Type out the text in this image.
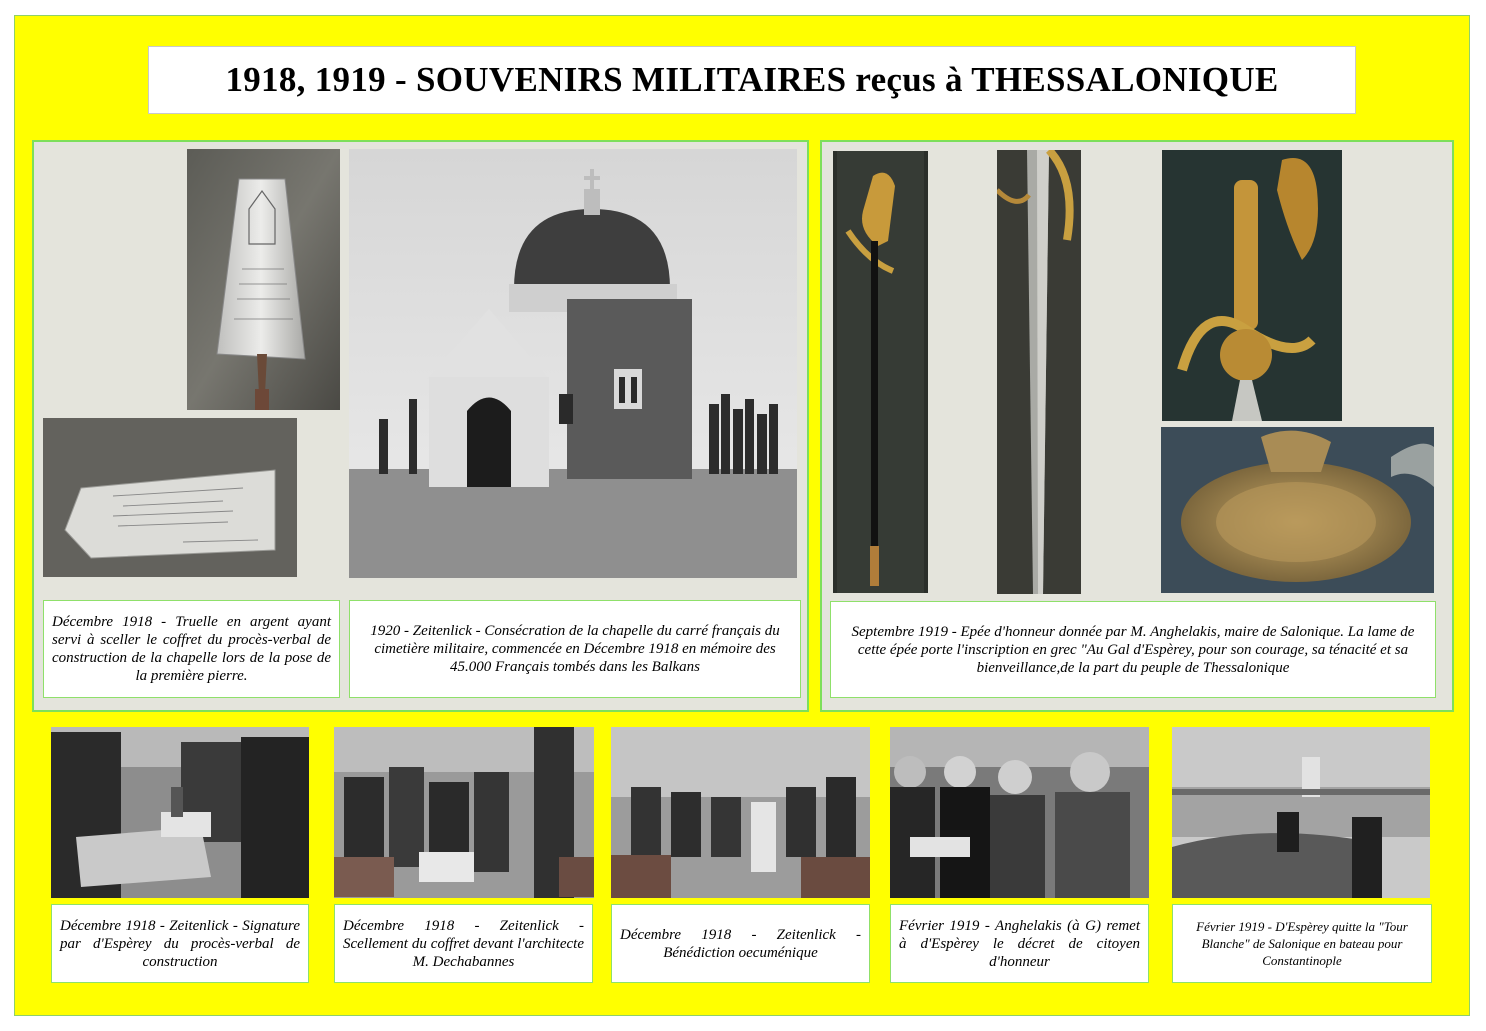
1918, 1919 - SOUVENIRS MILITAIRES reçus à THESSALONIQUE
Décembre 1918 - Truelle en argent ayant servi à sceller le coffret du procès-verbal de construction de la chapelle lors de la pose de la première pierre.
1920 - Zeitenlick - Consécration de la chapelle du carré français du cimetière militaire, commencée en Décembre 1918 en mémoire des 45.000 Français tombés dans les Balkans
Septembre 1919 - Epée d'honneur donnée par M. Anghelakis, maire de Salonique. La lame de cette épée porte l'inscription en grec "Au Gal d'Espèrey, pour son courage, sa ténacité et sa bienveillance,de la part du peuple de Thessalonique
Décembre 1918 - Zeitenlick - Signature par d'Espèrey du procès-verbal de construction
Décembre 1918 - Zeitenlick - Scellement du coffret devant l'architecte M. Dechabannes
Décembre 1918 - Zeitenlick - Bénédiction oecuménique
Février 1919 - Anghelakis (à G) remet à d'Espèrey le décret de citoyen d'honneur
Février 1919 - D'Espèrey quitte la "Tour Blanche" de Salonique en bateau pour Constantinople
